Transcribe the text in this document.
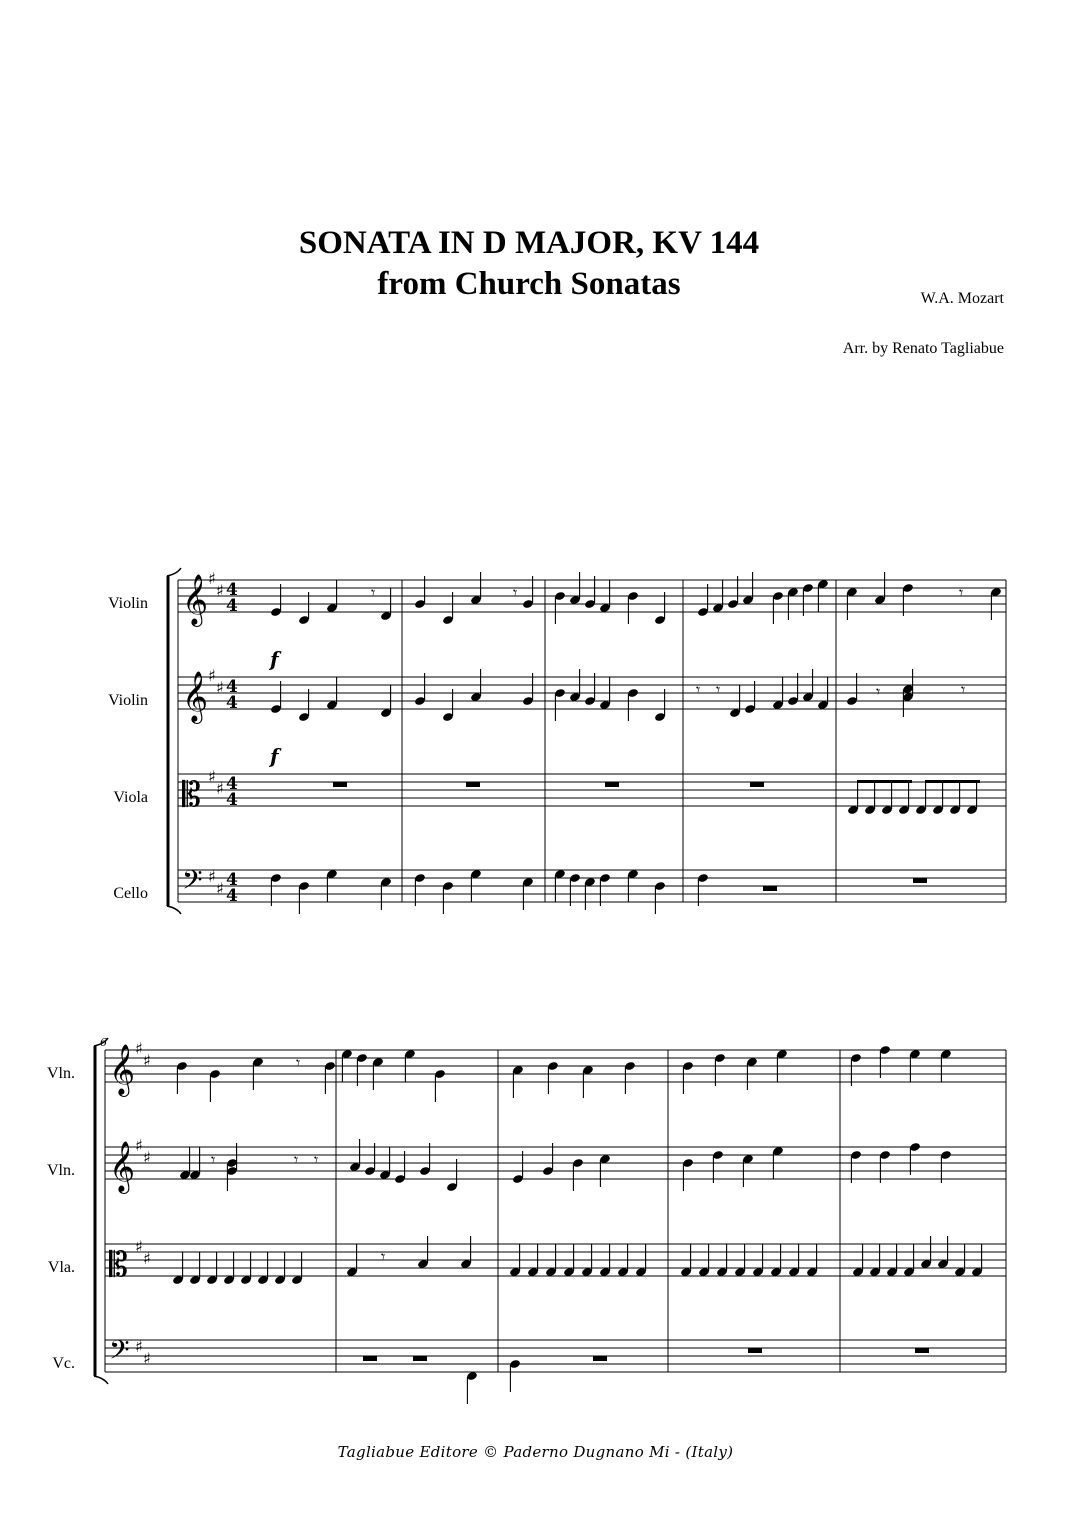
SONATA IN D MAJOR, KV 144
from Church Sonatas	W.A. Mozart
Arr. by Renato Tagliabue
Violin
Violin
Viola
Cello
Vln.
Vln.
Vla.
Vc.
𝄞 ♯
♯ 4
4
𝄞 ♯
♯ 4
4
𝄡 ♯
♯ 4
4
𝄢 ♯
♯ 4
4
𝄞 ♯
♯
𝄞 ♯
♯
𝄡 ♯
♯
𝄢 ♯
♯
f
f
6
𝄾	𝄾	𝄾
𝄾 𝄾	𝄾	𝄾
𝄾
𝄾	𝄾 𝄾
𝄾
Tagliabue Editore © Paderno Dugnano Mi - (Italy)
